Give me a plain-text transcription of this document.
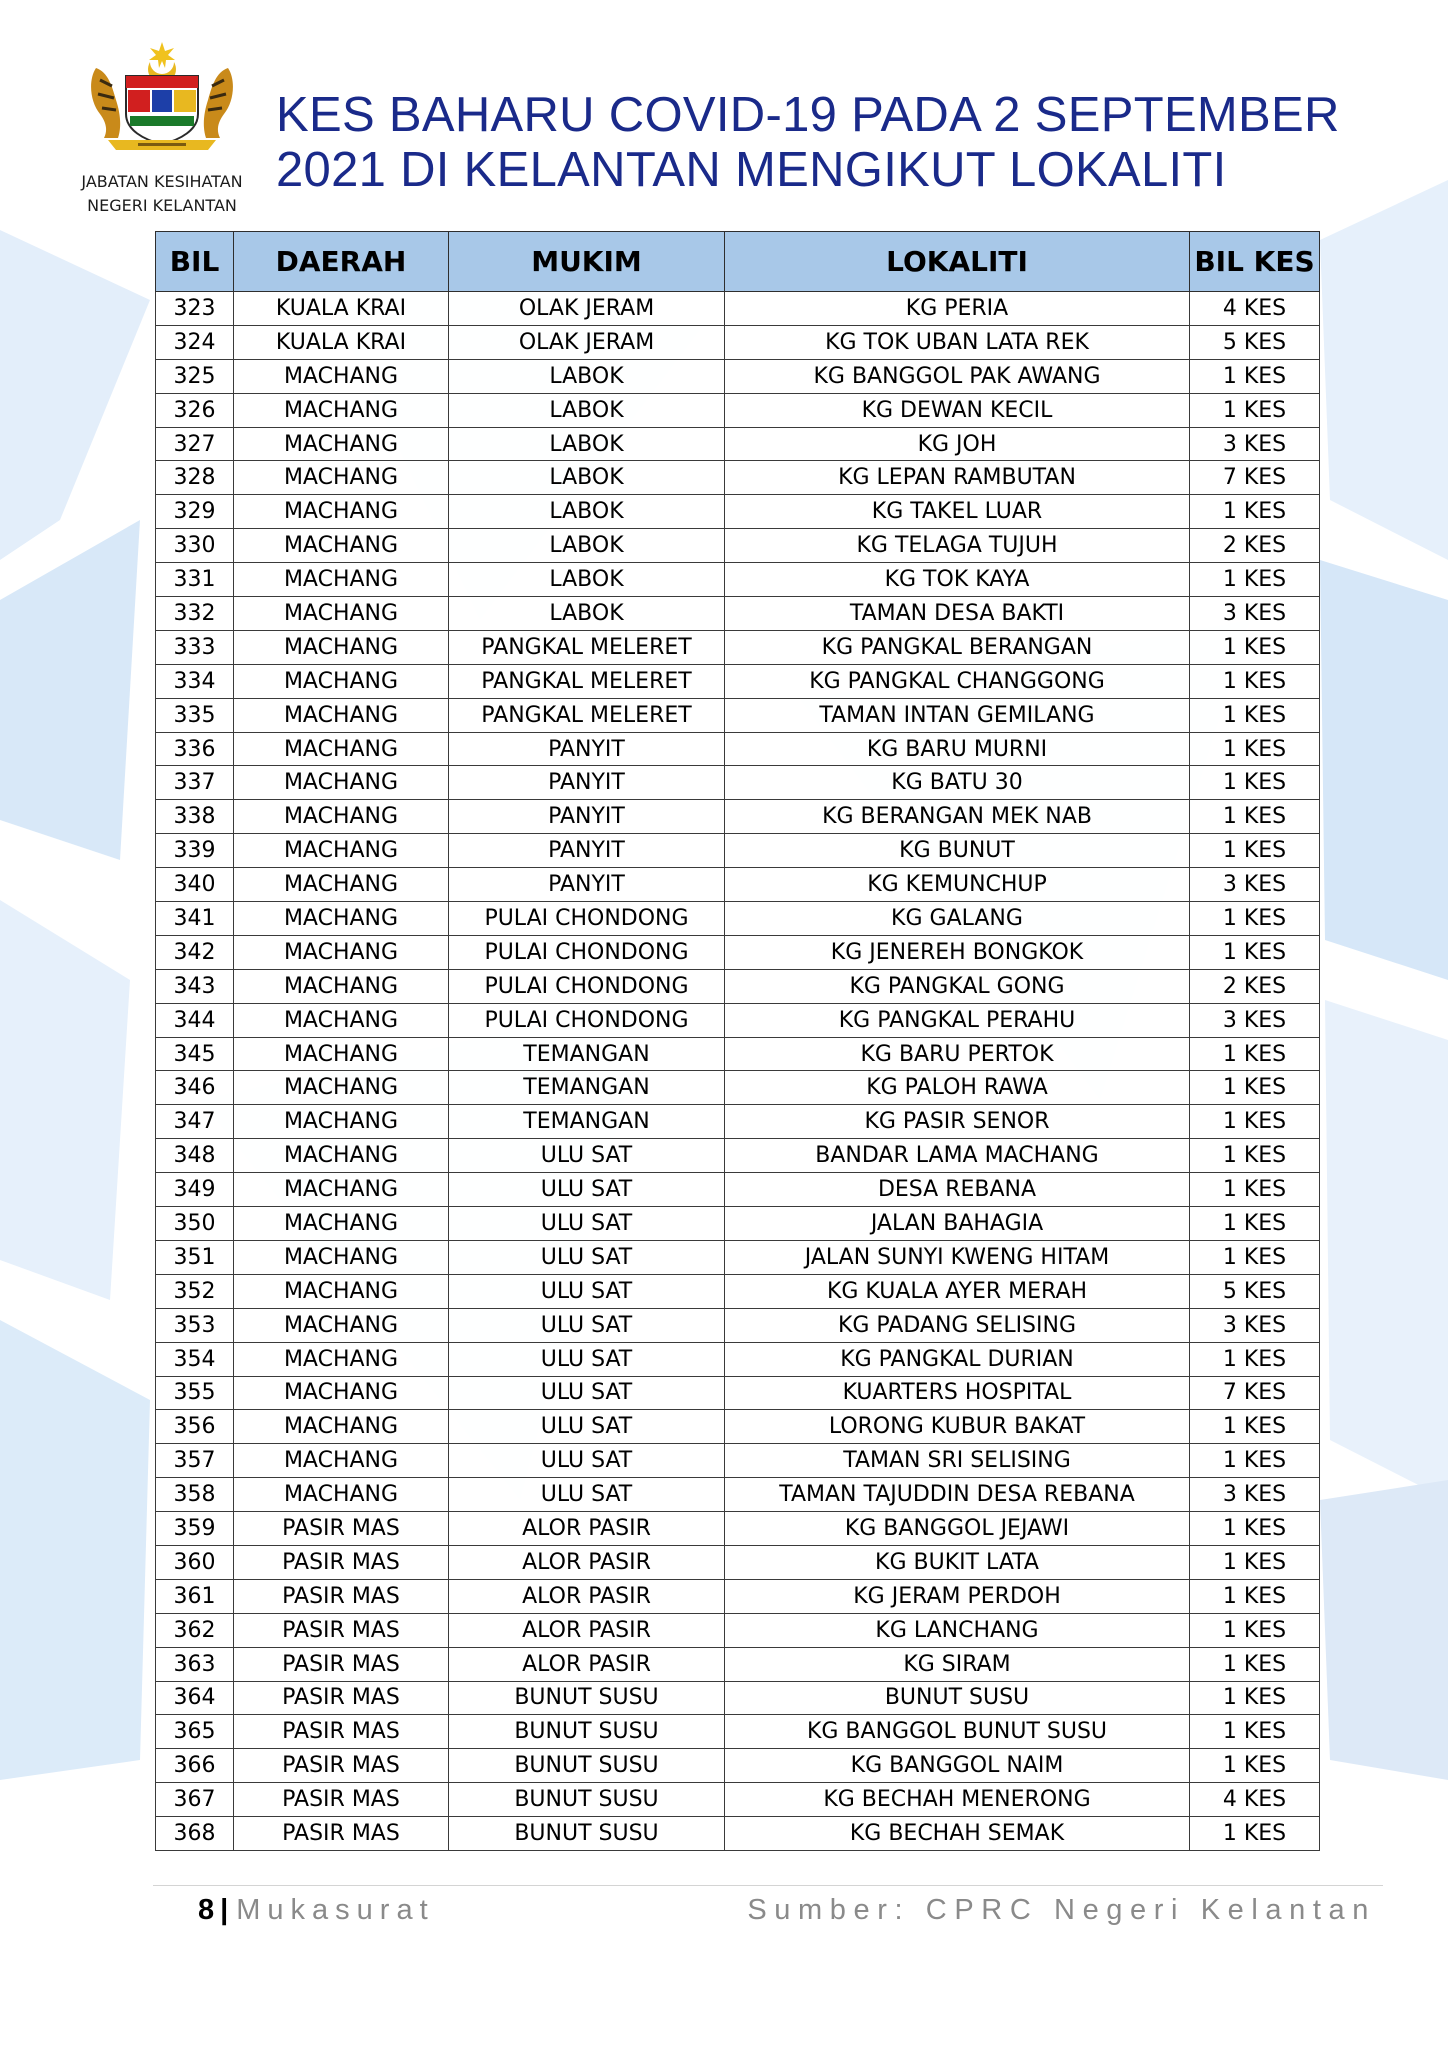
JABATAN KESIHATAN
NEGERI KELANTAN
KES BAHARU COVID-19 PADA 2 SEPTEMBER
2021 DI KELANTAN MENGIKUT LOKALITI
BIL	DAERAH	MUKIM	LOKALITI	BIL KES
323	KUALA KRAI	OLAK JERAM	KG PERIA	4 KES
324	KUALA KRAI	OLAK JERAM	KG TOK UBAN LATA REK	5 KES
325	MACHANG	LABOK	KG BANGGOL PAK AWANG	1 KES
326	MACHANG	LABOK	KG DEWAN KECIL	1 KES
327	MACHANG	LABOK	KG JOH	3 KES
328	MACHANG	LABOK	KG LEPAN RAMBUTAN	7 KES
329	MACHANG	LABOK	KG TAKEL LUAR	1 KES
330	MACHANG	LABOK	KG TELAGA TUJUH	2 KES
331	MACHANG	LABOK	KG TOK KAYA	1 KES
332	MACHANG	LABOK	TAMAN DESA BAKTI	3 KES
333	MACHANG	PANGKAL MELERET	KG PANGKAL BERANGAN	1 KES
334	MACHANG	PANGKAL MELERET	KG PANGKAL CHANGGONG	1 KES
335	MACHANG	PANGKAL MELERET	TAMAN INTAN GEMILANG	1 KES
336	MACHANG	PANYIT	KG BARU MURNI	1 KES
337	MACHANG	PANYIT	KG BATU 30	1 KES
338	MACHANG	PANYIT	KG BERANGAN MEK NAB	1 KES
339	MACHANG	PANYIT	KG BUNUT	1 KES
340	MACHANG	PANYIT	KG KEMUNCHUP	3 KES
341	MACHANG	PULAI CHONDONG	KG GALANG	1 KES
342	MACHANG	PULAI CHONDONG	KG JENEREH BONGKOK	1 KES
343	MACHANG	PULAI CHONDONG	KG PANGKAL GONG	2 KES
344	MACHANG	PULAI CHONDONG	KG PANGKAL PERAHU	3 KES
345	MACHANG	TEMANGAN	KG BARU PERTOK	1 KES
346	MACHANG	TEMANGAN	KG PALOH RAWA	1 KES
347	MACHANG	TEMANGAN	KG PASIR SENOR	1 KES
348	MACHANG	ULU SAT	BANDAR LAMA MACHANG	1 KES
349	MACHANG	ULU SAT	DESA REBANA	1 KES
350	MACHANG	ULU SAT	JALAN BAHAGIA	1 KES
351	MACHANG	ULU SAT	JALAN SUNYI KWENG HITAM	1 KES
352	MACHANG	ULU SAT	KG KUALA AYER MERAH	5 KES
353	MACHANG	ULU SAT	KG PADANG SELISING	3 KES
354	MACHANG	ULU SAT	KG PANGKAL DURIAN	1 KES
355	MACHANG	ULU SAT	KUARTERS HOSPITAL	7 KES
356	MACHANG	ULU SAT	LORONG KUBUR BAKAT	1 KES
357	MACHANG	ULU SAT	TAMAN SRI SELISING	1 KES
358	MACHANG	ULU SAT	TAMAN TAJUDDIN DESA REBANA	3 KES
359	PASIR MAS	ALOR PASIR	KG BANGGOL JEJAWI	1 KES
360	PASIR MAS	ALOR PASIR	KG BUKIT LATA	1 KES
361	PASIR MAS	ALOR PASIR	KG JERAM PERDOH	1 KES
362	PASIR MAS	ALOR PASIR	KG LANCHANG	1 KES
363	PASIR MAS	ALOR PASIR	KG SIRAM	1 KES
364	PASIR MAS	BUNUT SUSU	BUNUT SUSU	1 KES
365	PASIR MAS	BUNUT SUSU	KG BANGGOL BUNUT SUSU	1 KES
366	PASIR MAS	BUNUT SUSU	KG BANGGOL NAIM	1 KES
367	PASIR MAS	BUNUT SUSU	KG BECHAH MENERONG	4 KES
368	PASIR MAS	BUNUT SUSU	KG BECHAH SEMAK	1 KES
8 | Mukasurat	Sumber: CPRC Negeri Kelantan
